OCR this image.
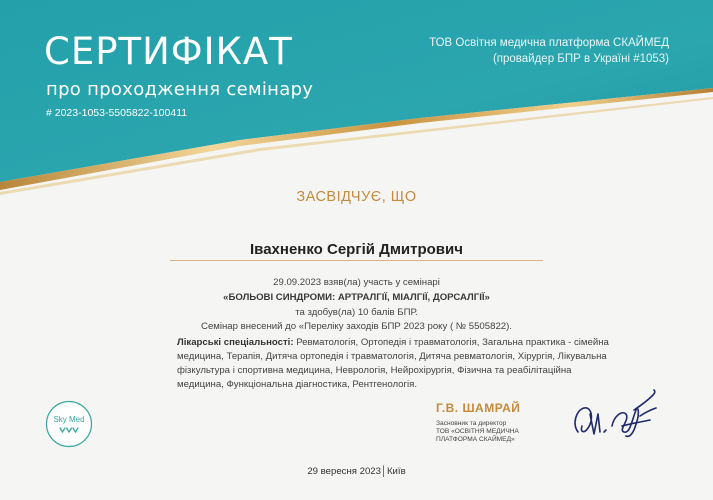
СЕРТИФІКАТ
про проходження семінару
# 2023-1053-5505822-100411
ТОВ Освітня медична платформа СКАЙМЕД
(провайдер БПР в Україні #1053)
ЗАСВІДЧУЄ, ЩО
Івахненко Сергій Дмитрович
29.09.2023 взяв(ла) участь у семінарі
«БОЛЬОВІ СИНДРОМИ: АРТРАЛГІЇ, МІАЛГІЇ, ДОРСАЛГІЇ»
та здобув(ла) 10 балів БПР.
Семінар внесений до «Переліку заходів БПР 2023 року ( № 5505822).
Лікарські спеціальності: Ревматологія, Ортопедія і травматологія, Загальна практика - сімейна медицина, Терапія, Дитяча ортопедія і травматологія, Дитяча ревматологія, Хірургія, Лікувальна фізкультура і спортивна медицина, Неврологія, Нейрохірургія, Фізична та реабілітаційна медицина, Функціональна діагностика, Рентгенологія.
Sky Med
Г.В. ШАМРАЙ
Засновник та директор
ТОВ «ОСВІТНЯ МЕДИЧНА
ПЛАТФОРМА СКАЙМЕД»
29 вересня 2023│Київ
